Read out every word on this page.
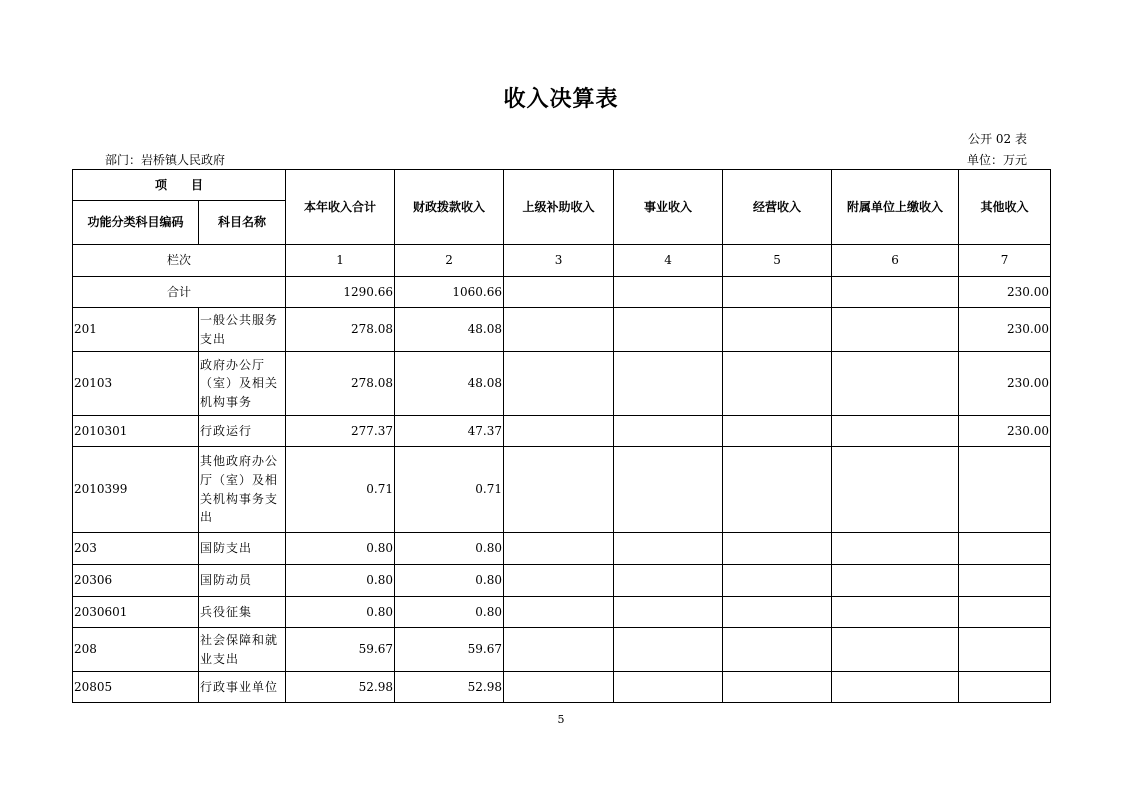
收入决算表
公开 02 表
部门：岩桥镇人民政府	单位：万元
项　　目		本年收入合计	财政拨款收入	上级补助收入	事业收入	经营收入	附属单位上缴收入	其他收入
功能分类科目编码	科目名称							
栏次		1	2	3	4	5	6	7
合计		1290.66	1060.66					230.00
201	一般公共服务支出	278.08	48.08					230.00
20103	政府办公厅（室）及相关机构事务	278.08	48.08					230.00
2010301	行政运行	277.37	47.37					230.00
2010399	其他政府办公厅（室）及相关机构事务支出	0.71	0.71					
203	国防支出	0.80	0.80					
20306	国防动员	0.80	0.80					
2030601	兵役征集	0.80	0.80					
208	社会保障和就业支出	59.67	59.67					
20805	行政事业单位	52.98	52.98					
5
